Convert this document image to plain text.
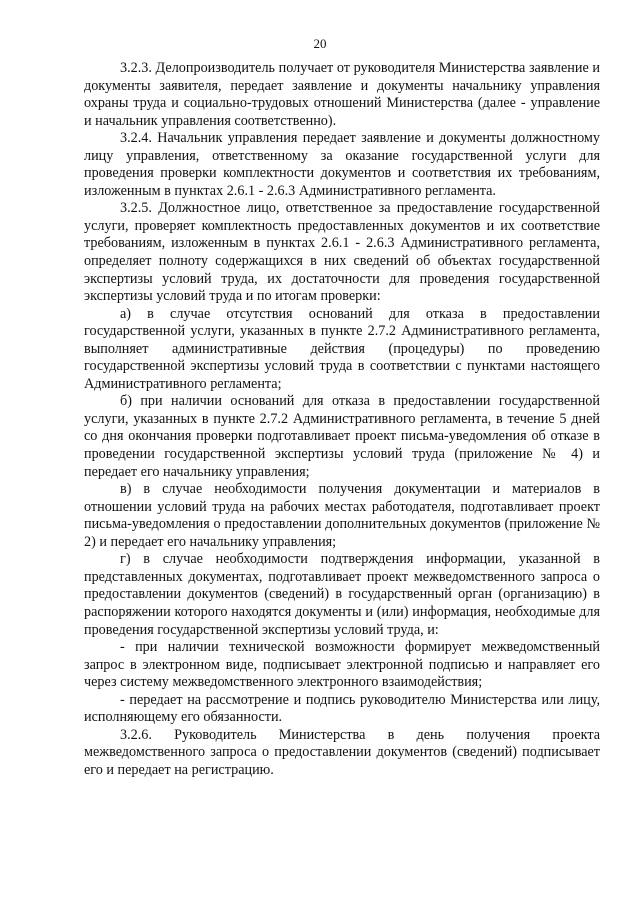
20

3.2.3. Делопроизводитель получает от руководителя Министерства заявление и документы заявителя, передает заявление и документы начальнику управления охраны труда и социально-трудовых отношений Министерства (далее - управление и начальник управления соответственно).

3.2.4. Начальник управления передает заявление и документы должностному лицу управления, ответственному за оказание государственной услуги для проведения проверки комплектности документов и соответствия их требованиям, изложенным в пунктах 2.6.1 - 2.6.3 Административного регламента.

3.2.5. Должностное лицо, ответственное за предоставление государственной услуги, проверяет комплектность предоставленных документов и их соответствие требованиям, изложенным в пунктах 2.6.1 - 2.6.3 Административного регламента, определяет полноту содержащихся в них сведений об объектах государственной экспертизы условий труда, их достаточности для проведения государственной экспертизы условий труда и по итогам проверки:

а) в случае отсутствия оснований для отказа в предоставлении государственной услуги, указанных в пункте 2.7.2 Административного регламента, выполняет административные действия (процедуры) по проведению государственной экспертизы условий труда в соответствии с пунктами настоящего Административного регламента;

б) при наличии оснований для отказа в предоставлении государственной услуги, указанных в пункте 2.7.2 Административного регламента, в течение 5 дней со дня окончания проверки подготавливает проект письма-уведомления об отказе в проведении государственной экспертизы условий труда (приложение № 4) и передает его начальнику управления;

в) в случае необходимости получения документации и материалов в отношении условий труда на рабочих местах работодателя, подготавливает проект письма-уведомления о предоставлении дополнительных документов (приложение № 2) и передает его начальнику управления;

г) в случае необходимости подтверждения информации, указанной в представленных документах, подготавливает проект межведомственного запроса о предоставлении документов (сведений) в государственный орган (организацию) в распоряжении которого находятся документы и (или) информация, необходимые для проведения государственной экспертизы условий труда, и:

- при наличии технической возможности формирует межведомственный запрос в электронном виде, подписывает электронной подписью и направляет его через систему межведомственного электронного взаимодействия;

- передает на рассмотрение и подпись руководителю Министерства или лицу, исполняющему его обязанности.

3.2.6. Руководитель Министерства в день получения проекта межведомственного запроса о предоставлении документов (сведений) подписывает его и передает на регистрацию.
